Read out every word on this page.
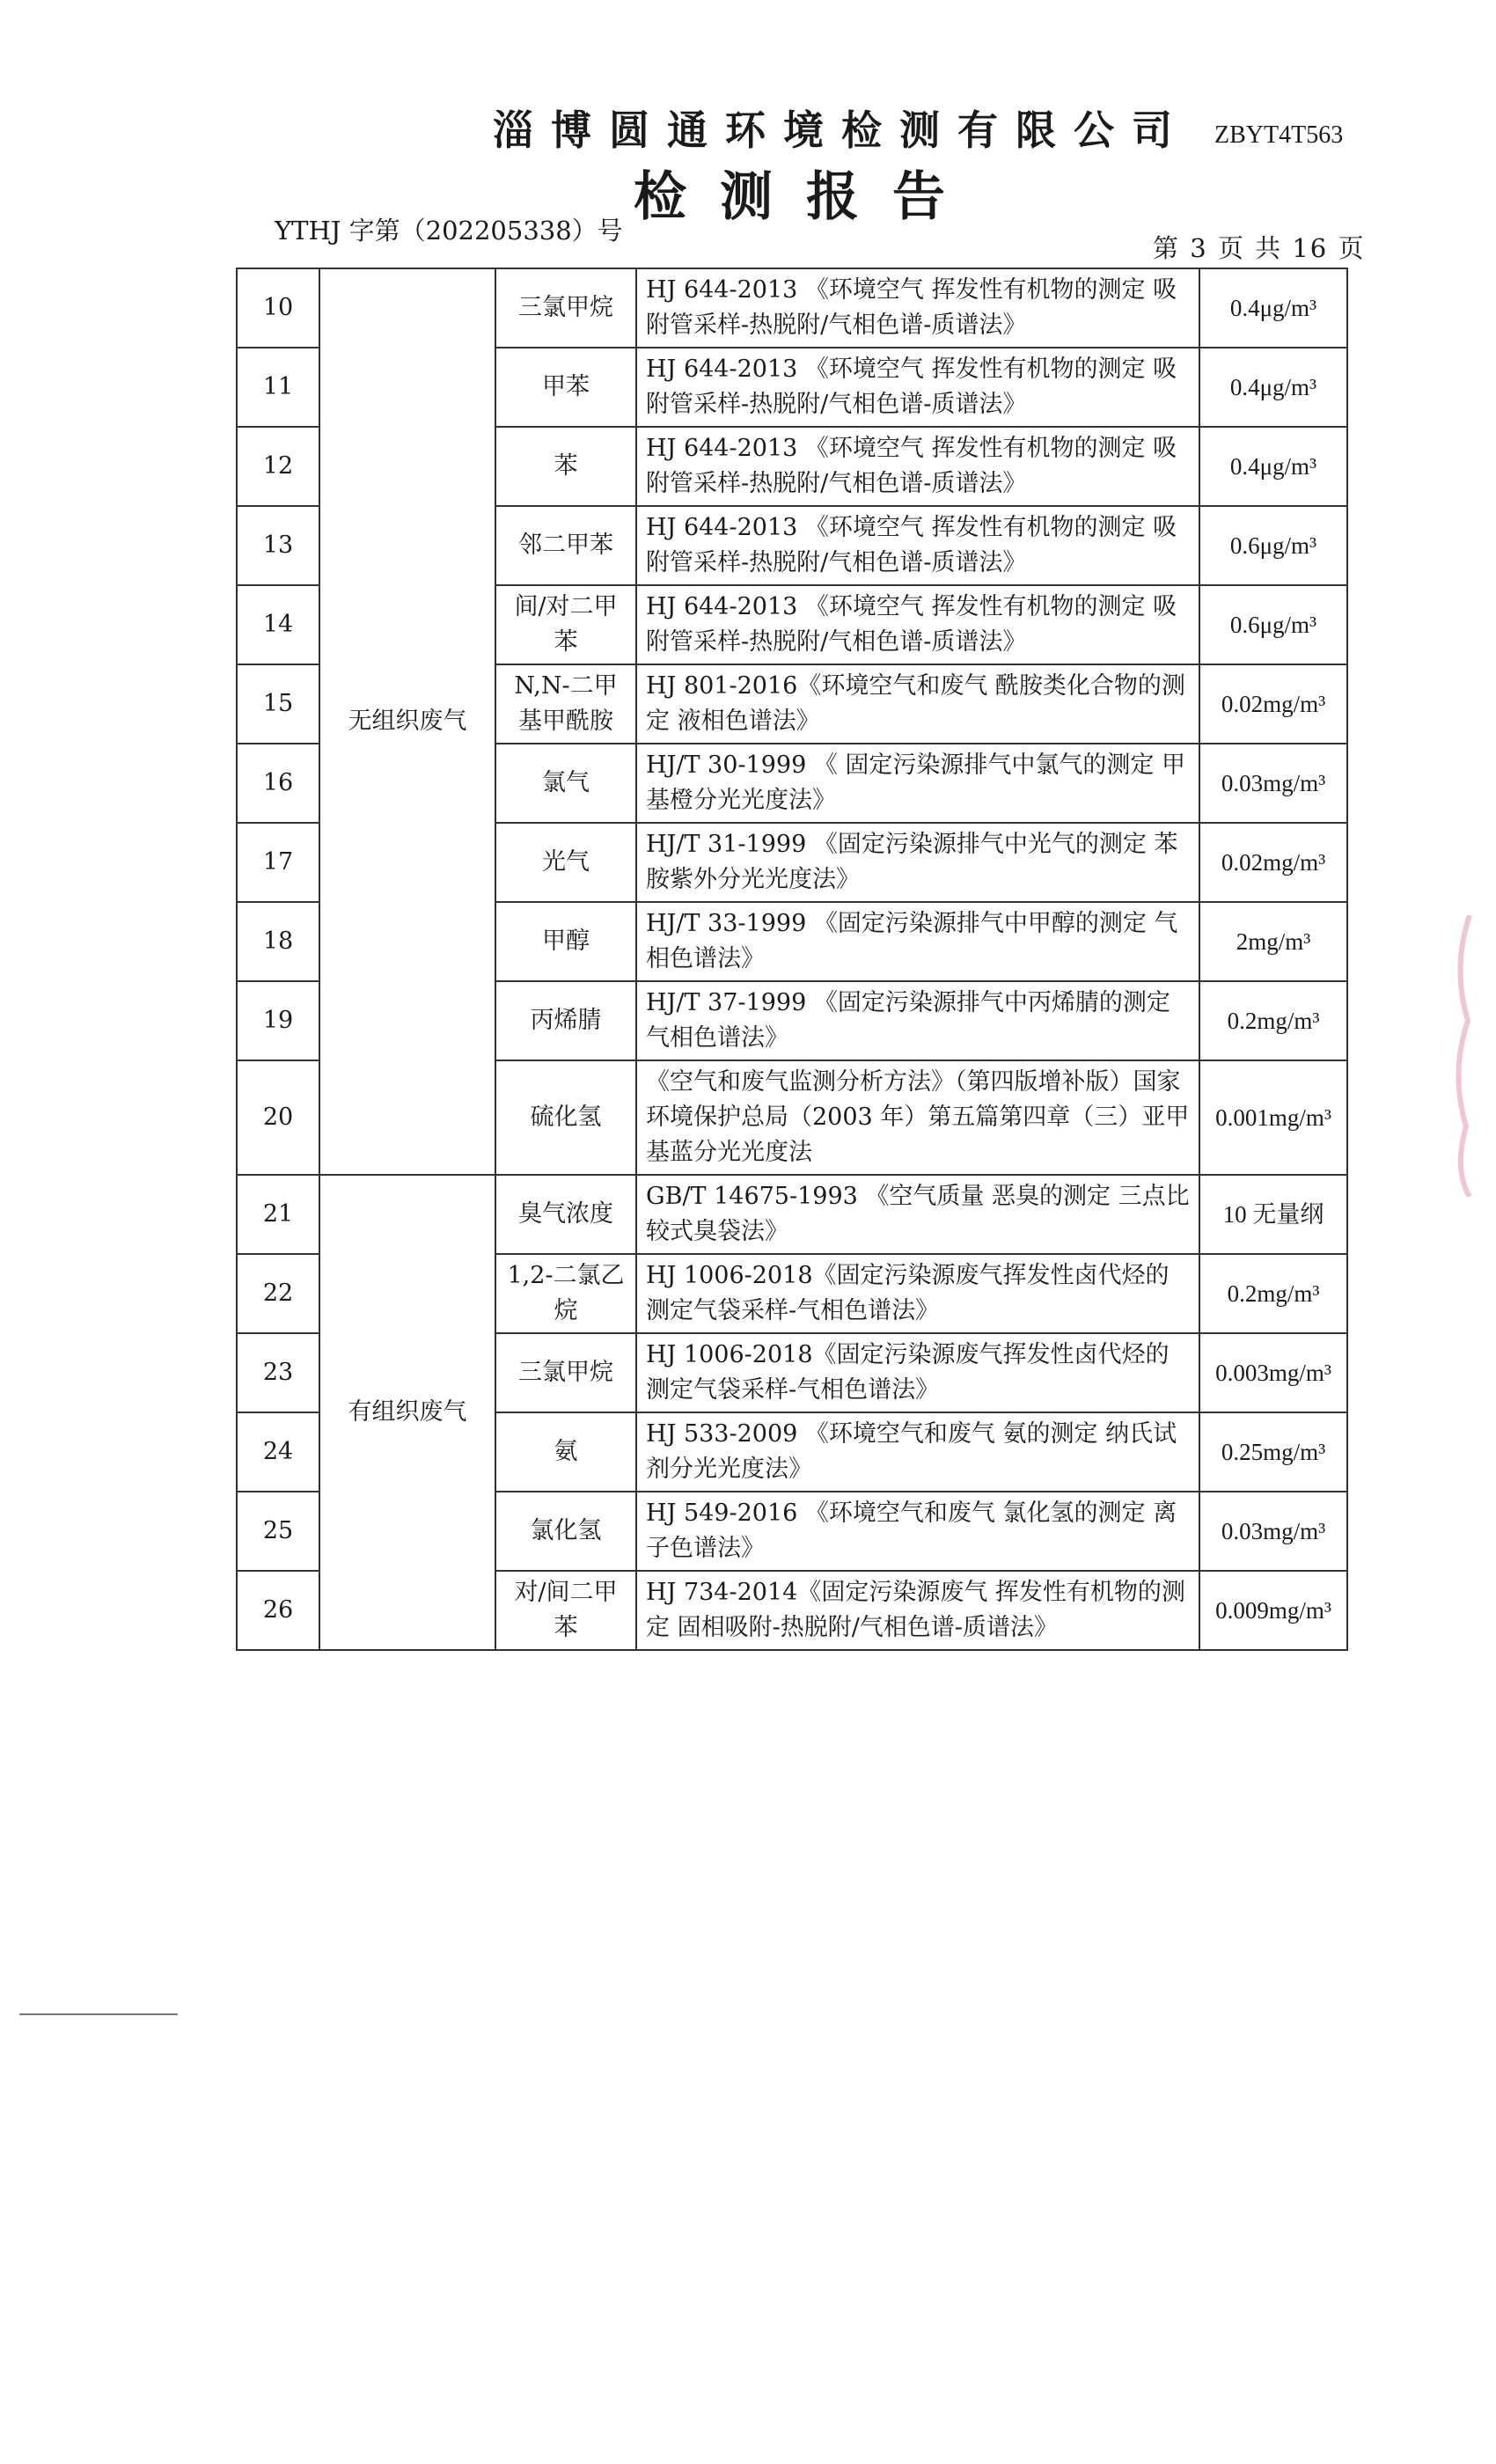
淄博圆通环境检测有限公司 ZBYT4T563
检测报告
YTHJ 字第（202205338）号
第 3 页 共 16 页
10	无组织废气	三氯甲烷	HJ 644-2013 《环境空气 挥发性有机物的测定 吸附管采样-热脱附/气相色谱-质谱法》	0.4μg/m³
11		甲苯	HJ 644-2013 《环境空气 挥发性有机物的测定 吸附管采样-热脱附/气相色谱-质谱法》	0.4μg/m³
12		苯	HJ 644-2013 《环境空气 挥发性有机物的测定 吸附管采样-热脱附/气相色谱-质谱法》	0.4μg/m³
13		邻二甲苯	HJ 644-2013 《环境空气 挥发性有机物的测定 吸附管采样-热脱附/气相色谱-质谱法》	0.6μg/m³
14		间/对二甲苯	HJ 644-2013 《环境空气 挥发性有机物的测定 吸附管采样-热脱附/气相色谱-质谱法》	0.6μg/m³
15		N,N-二甲基甲酰胺	HJ 801-2016《环境空气和废气 酰胺类化合物的测定 液相色谱法》	0.02mg/m³
16		氯气	HJ/T 30-1999 《 固定污染源排气中氯气的测定 甲基橙分光光度法》	0.03mg/m³
17		光气	HJ/T 31-1999 《固定污染源排气中光气的测定 苯胺紫外分光光度法》	0.02mg/m³
18		甲醇	HJ/T 33-1999 《固定污染源排气中甲醇的测定 气相色谱法》	2mg/m³
19		丙烯腈	HJ/T 37-1999 《固定污染源排气中丙烯腈的测定 气相色谱法》	0.2mg/m³
20		硫化氢	《空气和废气监测分析方法》（第四版增补版）国家环境保护总局（2003 年）第五篇第四章（三）亚甲基蓝分光光度法	0.001mg/m³
21	有组织废气	臭气浓度	GB/T 14675-1993 《空气质量 恶臭的测定 三点比较式臭袋法》	10 无量纲
22		1,2-二氯乙烷	HJ 1006-2018《固定污染源废气挥发性卤代烃的测定气袋采样-气相色谱法》	0.2mg/m³
23		三氯甲烷	HJ 1006-2018《固定污染源废气挥发性卤代烃的测定气袋采样-气相色谱法》	0.003mg/m³
24		氨	HJ 533-2009 《环境空气和废气 氨的测定 纳氏试剂分光光度法》	0.25mg/m³
25		氯化氢	HJ 549-2016 《环境空气和废气 氯化氢的测定 离子色谱法》	0.03mg/m³
26		对/间二甲苯	HJ 734-2014《固定污染源废气 挥发性有机物的测定 固相吸附-热脱附/气相色谱-质谱法》	0.009mg/m³
